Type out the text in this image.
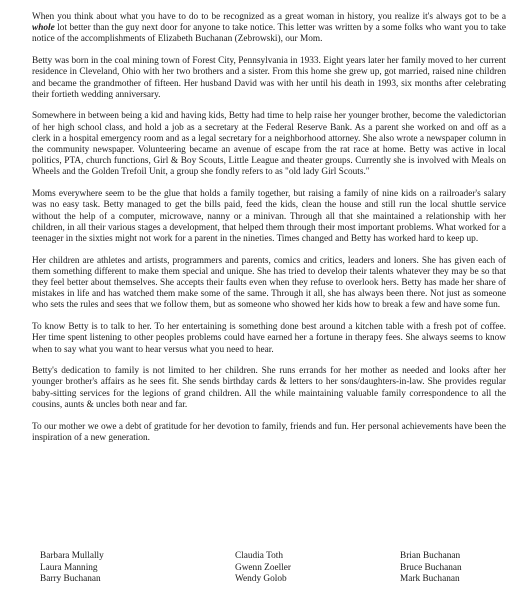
When you think about what you have to do to be recognized as a great woman in history, you realize it's always got to be a whole lot better than the guy next door for anyone to take notice. This letter was written by a some folks who want you to take notice of the accomplishments of Elizabeth Buchanan (Zebrowski), our Mom.

Betty was born in the coal mining town of Forest City, Pennsylvania in 1933. Eight years later her family moved to her current residence in Cleveland, Ohio with her two brothers and a sister. From this home she grew up, got married, raised nine children and became the grandmother of fifteen. Her husband David was with her until his death in 1993, six months after celebrating their fortieth wedding anniversary.

Somewhere in between being a kid and having kids, Betty had time to help raise her younger brother, become the valedictorian of her high school class, and hold a job as a secretary at the Federal Reserve Bank. As a parent she worked on and off as a clerk in a hospital emergency room and as a legal secretary for a neighborhood attorney. She also wrote a newspaper column in the community newspaper. Volunteering became an avenue of escape from the rat race at home. Betty was active in local politics, PTA, church functions, Girl & Boy Scouts, Little League and theater groups. Currently she is involved with Meals on Wheels and the Golden Trefoil Unit, a group she fondly refers to as "old lady Girl Scouts."

Moms everywhere seem to be the glue that holds a family together, but raising a family of nine kids on a railroader's salary was no easy task. Betty managed to get the bills paid, feed the kids, clean the house and still run the local shuttle service without the help of a computer, microwave, nanny or a minivan. Through all that she maintained a relationship with her children, in all their various stages a development, that helped them through their most important problems. What worked for a teenager in the sixties might not work for a parent in the nineties. Times changed and Betty has worked hard to keep up.

Her children are athletes and artists, programmers and parents, comics and critics, leaders and loners. She has given each of them something different to make them special and unique. She has tried to develop their talents whatever they may be so that they feel better about themselves. She accepts their faults even when they refuse to overlook hers. Betty has made her share of mistakes in life and has watched them make some of the same. Through it all, she has always been there. Not just as someone who sets the rules and sees that we follow them, but as someone who showed her kids how to break a few and have some fun.

To know Betty is to talk to her. To her entertaining is something done best around a kitchen table with a fresh pot of coffee. Her time spent listening to other peoples problems could have earned her a fortune in therapy fees. She always seems to know when to say what you want to hear versus what you need to hear.

Betty's dedication to family is not limited to her children. She runs errands for her mother as needed and looks after her younger brother's affairs as he sees fit. She sends birthday cards & letters to her sons/daughters-in-law. She provides regular baby-sitting services for the legions of grand children. All the while maintaining valuable family correspondence to all the cousins, aunts & uncles both near and far.

To our mother we owe a debt of gratitude for her devotion to family, friends and fun. Her personal achievements have been the inspiration of a new generation.

Barbara Mullally
Laura Manning
Barry Buchanan
Claudia Toth
Gwenn Zoeller
Wendy Golob
Brian Buchanan
Bruce Buchanan
Mark Buchanan
